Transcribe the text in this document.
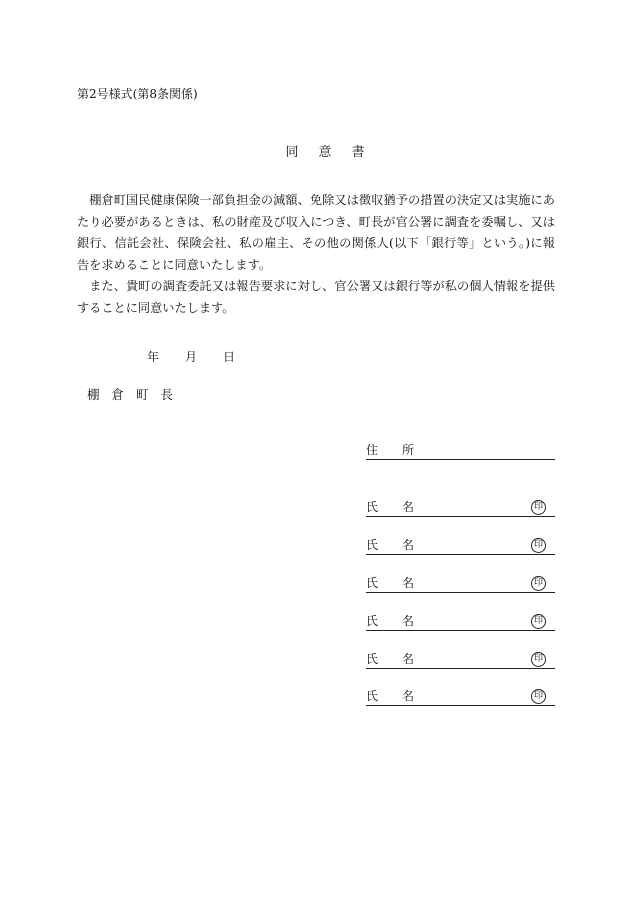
第2号様式(第8条関係)
同意書

棚倉町国民健康保険一部負担金の減額、免除又は徴収猶予の措置の決定又は実施にあたり必要があるときは、私の財産及び収入につき、町長が官公署に調査を委嘱し、又は銀行、信託会社、保険会社、私の雇主、その他の関係人(以下「銀行等」という。)に報告を求めることに同意いたします。

また、貴町の調査委託又は報告要求に対し、官公署又は銀行等が私の個人情報を提供することに同意いたします。

年	月	日
棚倉町長
住 所
氏 名	印
氏 名	印
氏 名	印
氏 名	印
氏 名	印
氏 名	印
